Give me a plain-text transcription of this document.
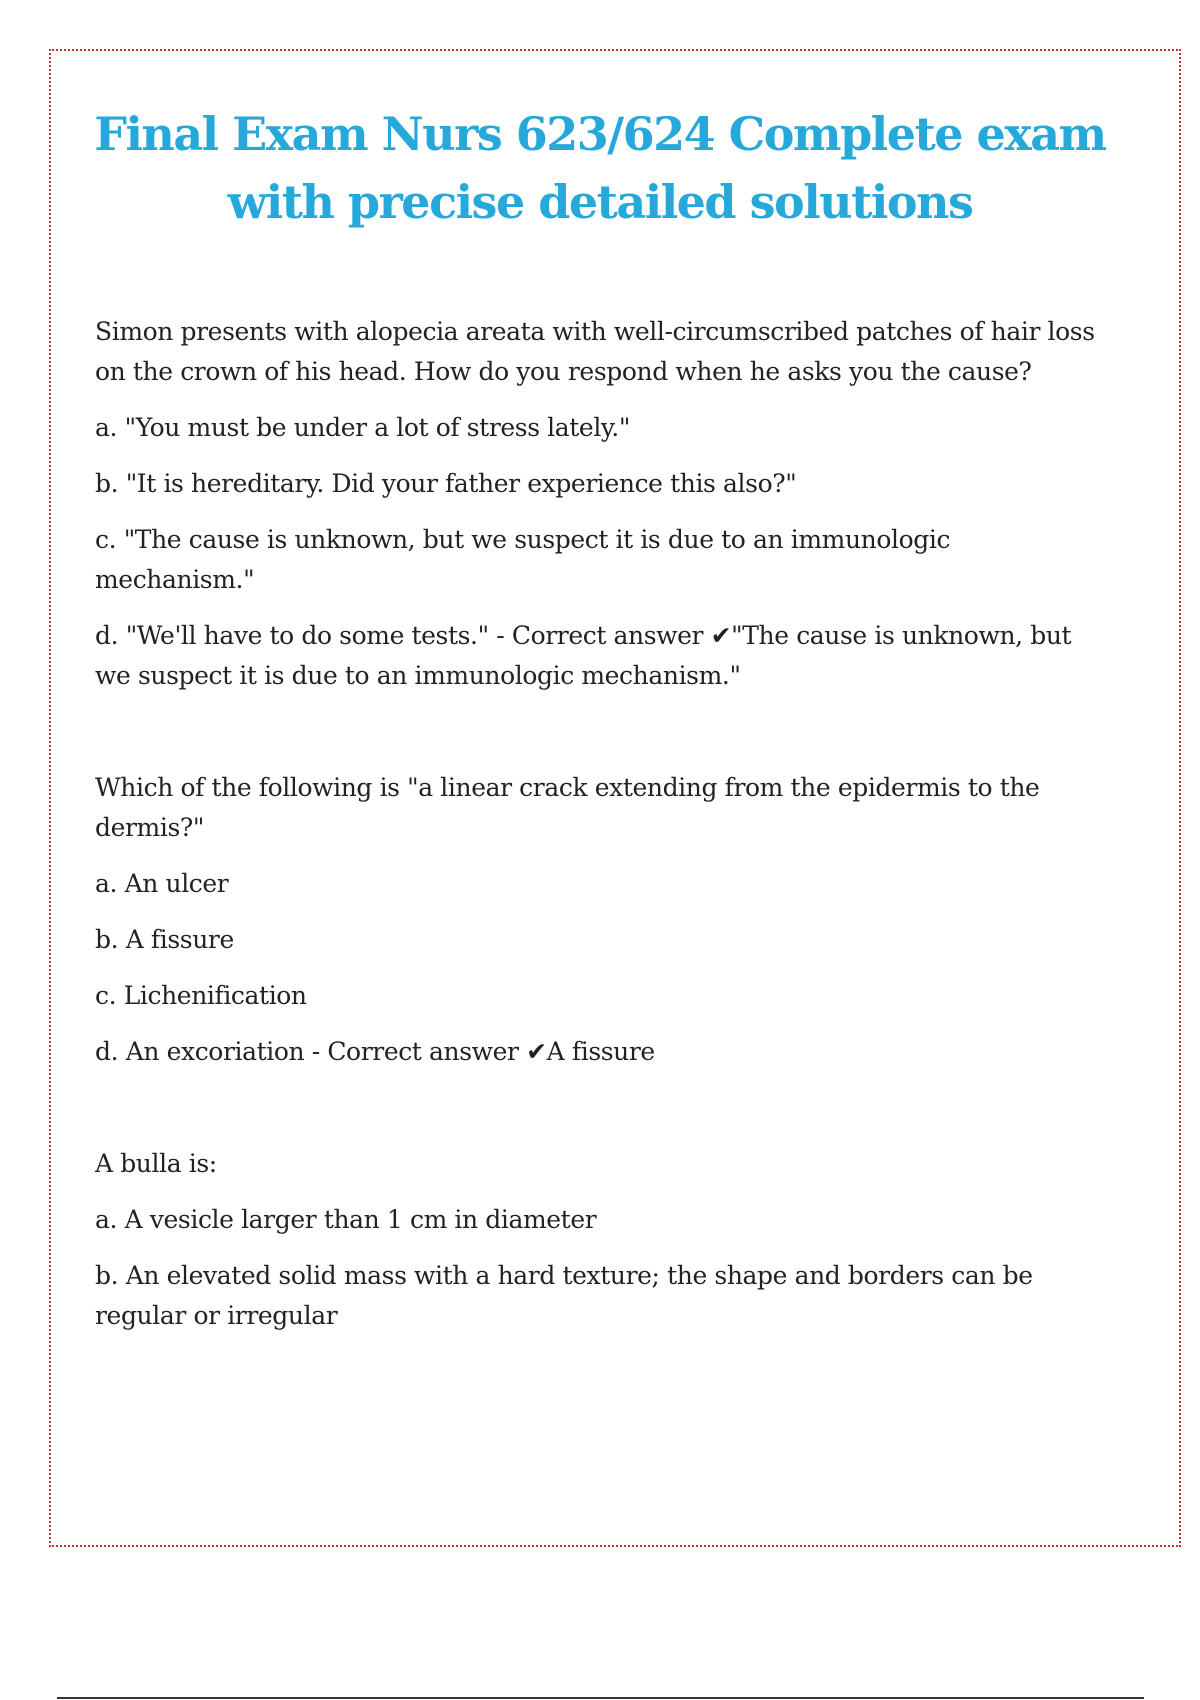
Final Exam Nurs 623/624 Complete exam
with precise detailed solutions

Simon presents with alopecia areata with well-circumscribed patches of hair loss on the crown of his head. How do you respond when he asks you the cause?

a. "You must be under a lot of stress lately."

b. "It is hereditary. Did your father experience this also?"

c. "The cause is unknown, but we suspect it is due to an immunologic mechanism."

d. "We'll have to do some tests." - Correct answer ✔"The cause is unknown, but we suspect it is due to an immunologic mechanism."

Which of the following is "a linear crack extending from the epidermis to the dermis?"

a. An ulcer

b. A fissure

c. Lichenification

d. An excoriation - Correct answer ✔A fissure

A bulla is:

a. A vesicle larger than 1 cm in diameter

b. An elevated solid mass with a hard texture; the shape and borders can be regular or irregular
